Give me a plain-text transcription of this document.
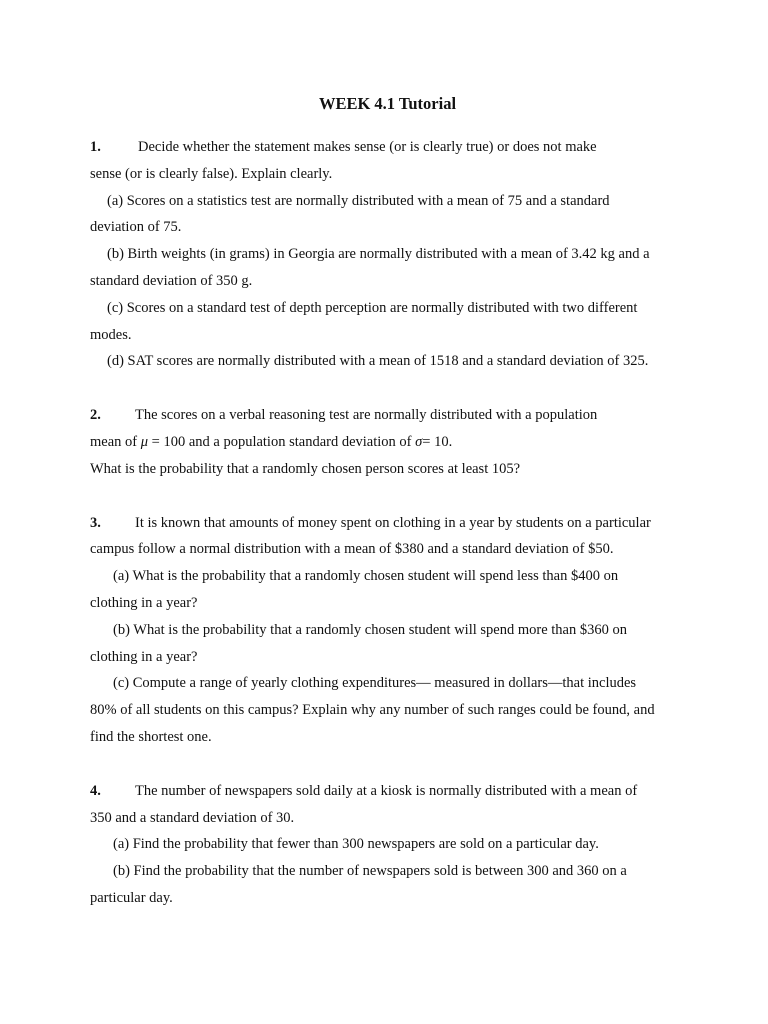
WEEK 4.1 Tutorial
1.	Decide whether the statement makes sense (or is clearly true) or does not make
sense (or is clearly false). Explain clearly.
(a) Scores on a statistics test are normally distributed with a mean of 75 and a standard
deviation of 75.
(b) Birth weights (in grams) in Georgia are normally distributed with a mean of 3.42 kg and a
standard deviation of 350 g.
(c) Scores on a standard test of depth perception are normally distributed with two different
modes.
(d) SAT scores are normally distributed with a mean of 1518 and a standard deviation of 325.
2. The scores on a verbal reasoning test are normally distributed with a population
mean of μ = 100 and a population standard deviation of σ= 10.
What is the probability that a randomly chosen person scores at least 105?
3. It is known that amounts of money spent on clothing in a year by students on a particular
campus follow a normal distribution with a mean of $380 and a standard deviation of $50.
(a) What is the probability that a randomly chosen student will spend less than $400 on
clothing in a year?
(b) What is the probability that a randomly chosen student will spend more than $360 on
clothing in a year?
(c) Compute a range of yearly clothing expenditures— measured in dollars—that includes
80% of all students on this campus? Explain why any number of such ranges could be found, and
find the shortest one.
4. The number of newspapers sold daily at a kiosk is normally distributed with a mean of
350 and a standard deviation of 30.
(a) Find the probability that fewer than 300 newspapers are sold on a particular day.
(b) Find the probability that the number of newspapers sold is between 300 and 360 on a
particular day.
